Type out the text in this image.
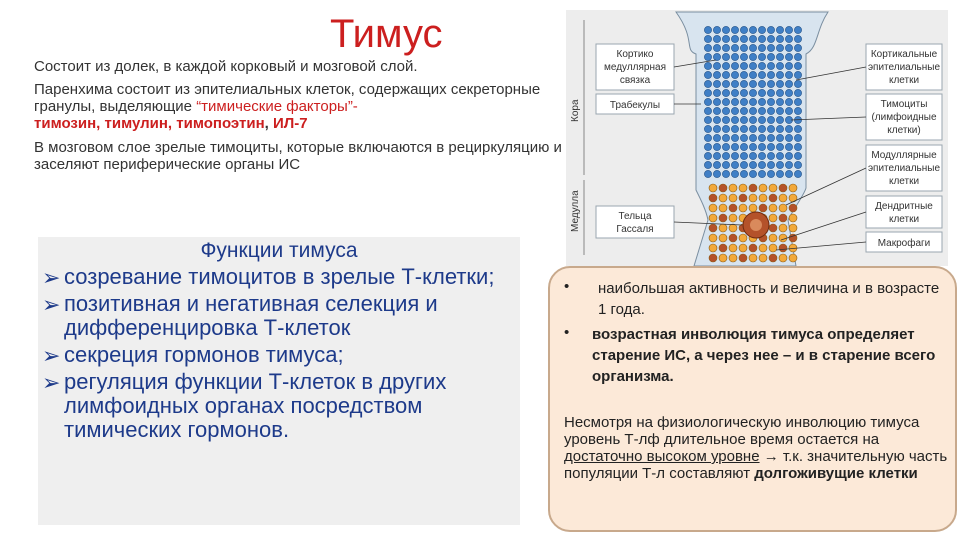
Тимус

Состоит из долек, в каждой корковый и мозговой слой.

Паренхима состоит из эпителиальных клеток, содержащих секреторные гранулы, выделяющие “тимические факторы”-
тимозин, тимулин, тимопоэтин, ИЛ-7

В мозговом слое зрелые тимоциты, которые включаются в рециркуляцию и заселяют периферические органы ИС

Функции тимуса
➢ созревание тимоцитов в зрелые Т-клетки;
➢ позитивная и негативная селекция и дифференцировка Т-клеток
➢ секреция гормонов тимуса;
➢ регуляция функции Т-клеток в других лимфоидных органах посредством тимических гормонов.
Кора
Медулла
Кортико
медуллярная
связка
Трабекулы
Тельца
Гассаля
Кортикальные
эпителиальные
клетки
Тимоциты
(лимфоидные
клетки)
Модуллярные
эпителиальные
клетки
Дендритные
клетки
Макрофаги
• наибольшая активность и величина и в возрасте 1 года.
• возрастная инволюция тимуса определяет старение ИС, а через нее – и в старение всего организма.
Несмотря на физиологическую инволюцию тимуса уровень Т-лф длительное время остается на достаточно высоком уровне → т.к. значительную часть популяции Т-л составляют долгоживущие клетки
